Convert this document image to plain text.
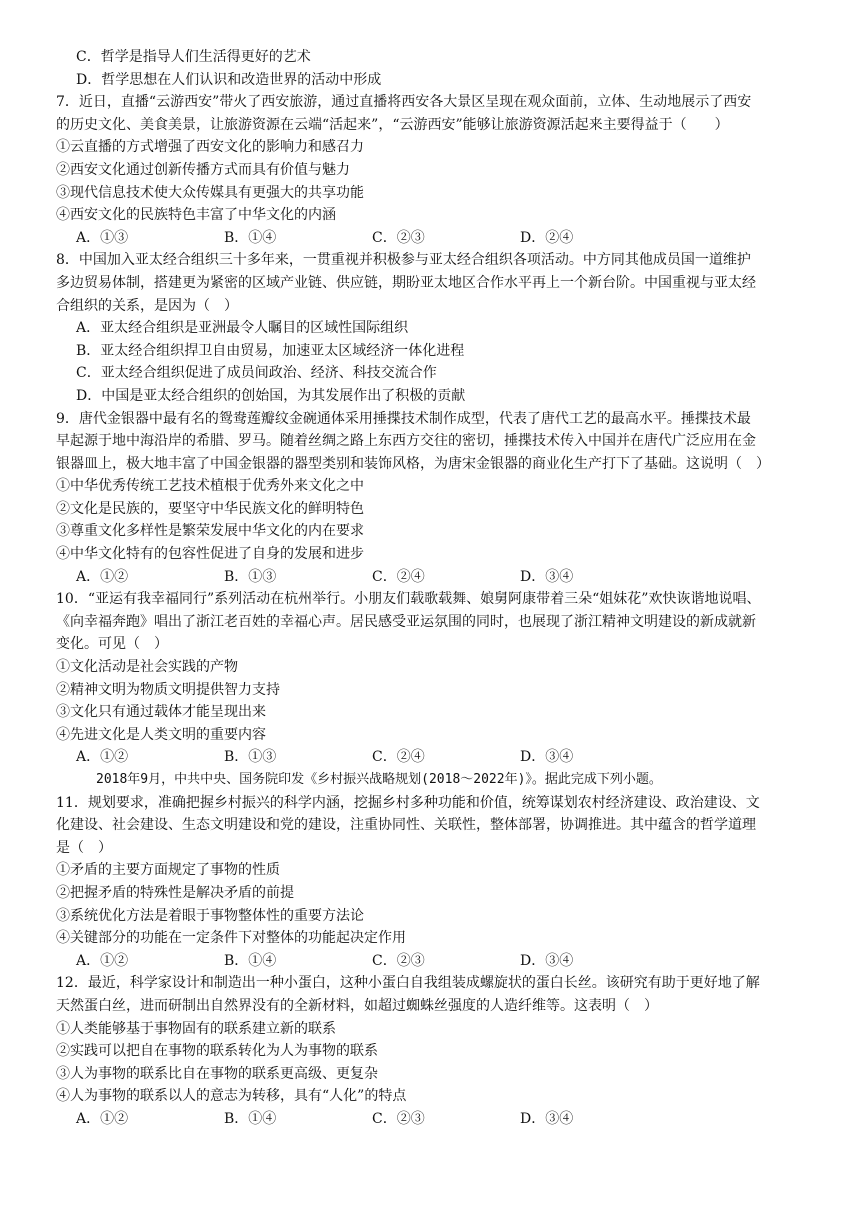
C．哲学是指导人们生活得更好的艺术
D．哲学思想在人们认识和改造世界的活动中形成
7．近日，直播“云游西安”带火了西安旅游，通过直播将西安各大景区呈现在观众面前，立体、生动地展示了西安
的历史文化、美食美景，让旅游资源在云端“活起来”，“云游西安”能够让旅游资源活起来主要得益于（　　）
①云直播的方式增强了西安文化的影响力和感召力
②西安文化通过创新传播方式而具有价值与魅力
③现代信息技术使大众传媒具有更强大的共享功能
④西安文化的民族特色丰富了中华文化的内涵
A．①③	B．①④	C．②③	D．②④
8．中国加入亚太经合组织三十多年来，一贯重视并积极参与亚太经合组织各项活动。中方同其他成员国一道维护
多边贸易体制，搭建更为紧密的区域产业链、供应链，期盼亚太地区合作水平再上一个新台阶。中国重视与亚太经
合组织的关系，是因为（　）
A．亚太经合组织是亚洲最令人瞩目的区域性国际组织
B．亚太经合组织捍卫自由贸易，加速亚太区域经济一体化进程
C．亚太经合组织促进了成员间政治、经济、科技交流合作
D．中国是亚太经合组织的创始国，为其发展作出了积极的贡献
9．唐代金银器中最有名的鸳鸯莲瓣纹金碗通体采用捶揲技术制作成型，代表了唐代工艺的最高水平。捶揲技术最
早起源于地中海沿岸的希腊、罗马。随着丝绸之路上东西方交往的密切，捶揲技术传入中国并在唐代广泛应用在金
银器皿上，极大地丰富了中国金银器的器型类别和装饰风格，为唐宋金银器的商业化生产打下了基础。这说明（　）
①中华优秀传统工艺技术植根于优秀外来文化之中
②文化是民族的，要坚守中华民族文化的鲜明特色
③尊重文化多样性是繁荣发展中华文化的内在要求
④中华文化特有的包容性促进了自身的发展和进步
A．①②	B．①③	C．②④	D．③④
10．“亚运有我幸福同行”系列活动在杭州举行。小朋友们载歌载舞、娘舅阿康带着三朵“姐妹花”欢快诙谐地说唱、
《向幸福奔跑》唱出了浙江老百姓的幸福心声。居民感受亚运氛围的同时，也展现了浙江精神文明建设的新成就新
变化。可见（　）
①文化活动是社会实践的产物
②精神文明为物质文明提供智力支持
③文化只有通过载体才能呈现出来
④先进文化是人类文明的重要内容
A．①②	B．①③	C．②④	D．③④
2018年9月，中共中央、国务院印发《乡村振兴战略规划(2018～2022年)》。据此完成下列小题。
11．规划要求，准确把握乡村振兴的科学内涵，挖掘乡村多种功能和价值，统筹谋划农村经济建设、政治建设、文
化建设、社会建设、生态文明建设和党的建设，注重协同性、关联性，整体部署，协调推进。其中蕴含的哲学道理
是（　）
①矛盾的主要方面规定了事物的性质
②把握矛盾的特殊性是解决矛盾的前提
③系统优化方法是着眼于事物整体性的重要方法论
④关键部分的功能在一定条件下对整体的功能起决定作用
A．①②	B．①④	C．②③	D．③④
12．最近，科学家设计和制造出一种小蛋白，这种小蛋白自我组装成螺旋状的蛋白长丝。该研究有助于更好地了解
天然蛋白丝，进而研制出自然界没有的全新材料，如超过蜘蛛丝强度的人造纤维等。这表明（　）
①人类能够基于事物固有的联系建立新的联系
②实践可以把自在事物的联系转化为人为事物的联系
③人为事物的联系比自在事物的联系更高级、更复杂
④人为事物的联系以人的意志为转移，具有“人化”的特点
A．①②	B．①④	C．②③	D．③④
